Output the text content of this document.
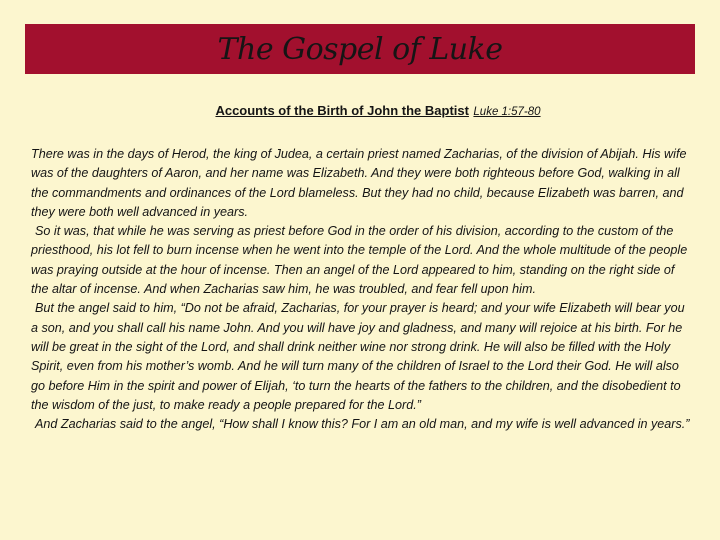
The Gospel of Luke
Accounts of the Birth of John the Baptist Luke 1:57-80

There was in the days of Herod, the king of Judea, a certain priest named Zacharias, of the division of Abijah. His wife was of the daughters of Aaron, and her name was Elizabeth. And they were both righteous before God, walking in all the commandments and ordinances of the Lord blameless. But they had no child, because Elizabeth was barren, and they were both well advanced in years.

So it was, that while he was serving as priest before God in the order of his division, according to the custom of the priesthood, his lot fell to burn incense when he went into the temple of the Lord. And the whole multitude of the people was praying outside at the hour of incense. Then an angel of the Lord appeared to him, standing on the right side of the altar of incense. And when Zacharias saw him, he was troubled, and fear fell upon him.

But the angel said to him, “Do not be afraid, Zacharias, for your prayer is heard; and your wife Elizabeth will bear you a son, and you shall call his name John. And you will have joy and gladness, and many will rejoice at his birth. For he will be great in the sight of the Lord, and shall drink neither wine nor strong drink. He will also be filled with the Holy Spirit, even from his mother’s womb. And he will turn many of the children of Israel to the Lord their God. He will also go before Him in the spirit and power of Elijah, ‘to turn the hearts of the fathers to the children, and the disobedient to the wisdom of the just, to make ready a people prepared for the Lord.”

And Zacharias said to the angel, “How shall I know this? For I am an old man, and my wife is well advanced in years.”
